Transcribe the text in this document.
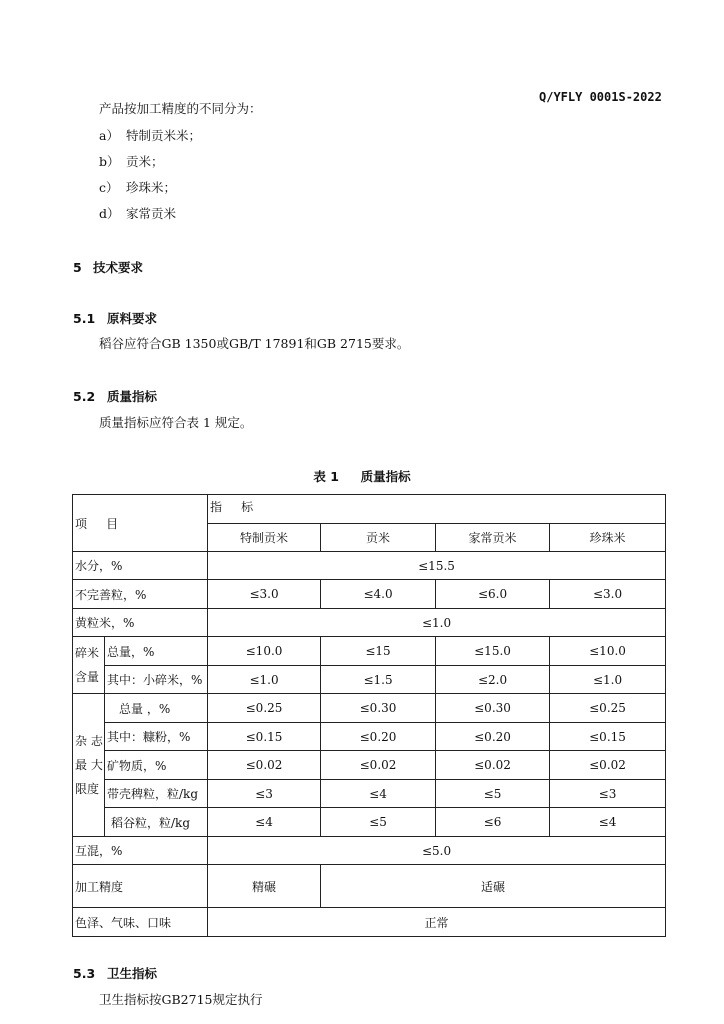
Q/YFLY 0001S-2022
产品按加工精度的不同分为：
a） 特制贡米米；
b） 贡米；
c） 珍珠米；
d） 家常贡米
5 技术要求
5.1 原料要求
稻谷应符合GB 1350或GB/T 17891和GB 2715要求。
5.2 质量指标
质量指标应符合表 1 规定。
表 1     质量指标
项     目		指     标			
		特制贡米	贡米	家常贡米	珍珠米
水分，%		≤15.5			
不完善粒，%		≤3.0	≤4.0	≤6.0	≤3.0
黄粒米，%		≤1.0			

碎米
含量	总量，%	≤10.0	≤15	≤15.0	≤10.0
	其中：小碎米，%	≤1.0	≤1.5	≤2.0	≤1.0

杂 志
最 大
限度	总量 ，%	≤0.25	≤0.30	≤0.30	≤0.25
	其中：糠粉，%	≤0.15	≤0.20	≤0.20	≤0.15
	矿物质，%	≤0.02	≤0.02	≤0.02	≤0.02
	带壳稗粒，粒/kg	≤3	≤4	≤5	≤3
	稻谷粒，粒/kg	≤4	≤5	≤6	≤4
互混，%		≤5.0			
加工精度		精碾	适碾		
色泽、气味、口味		正常			
5.3 卫生指标
卫生指标按GB2715规定执行
